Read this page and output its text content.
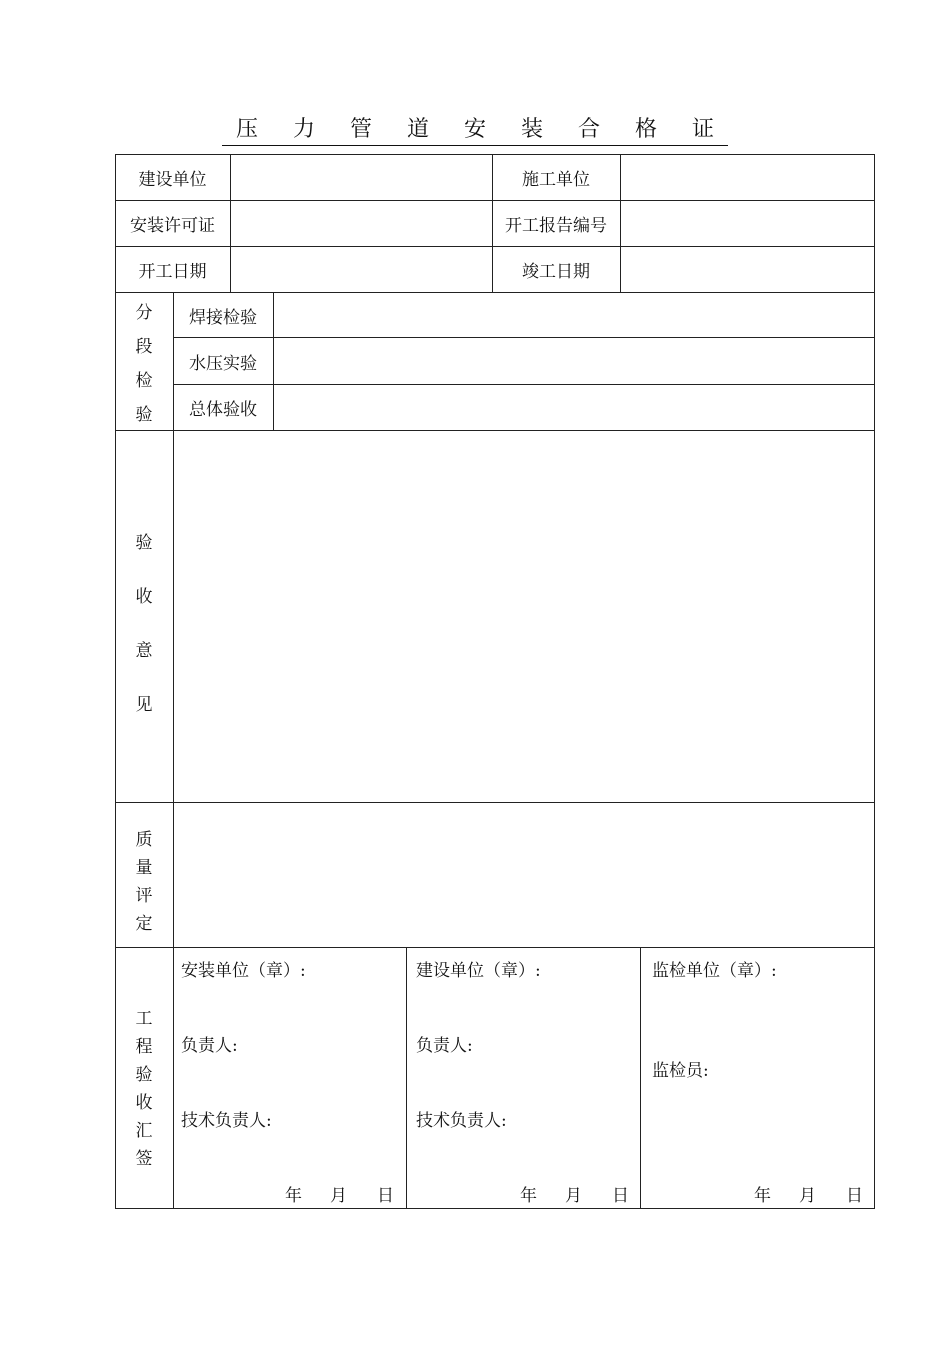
压 力 管 道 安 装 合 格 证
建设单位	施工单位
安装许可证	开工报告编号
开工日期	竣工日期
分
段
检
验
焊接检验
水压实验
总体验收
验
收
意
见
质
量
评
定
工
程
验
收
汇
签
安装单位（章）:
负责人:
技术负责人:
年 月 日
建设单位（章）:
负责人:
技术负责人:
年 月 日
监检单位（章）:
监检员:
年 月 日
